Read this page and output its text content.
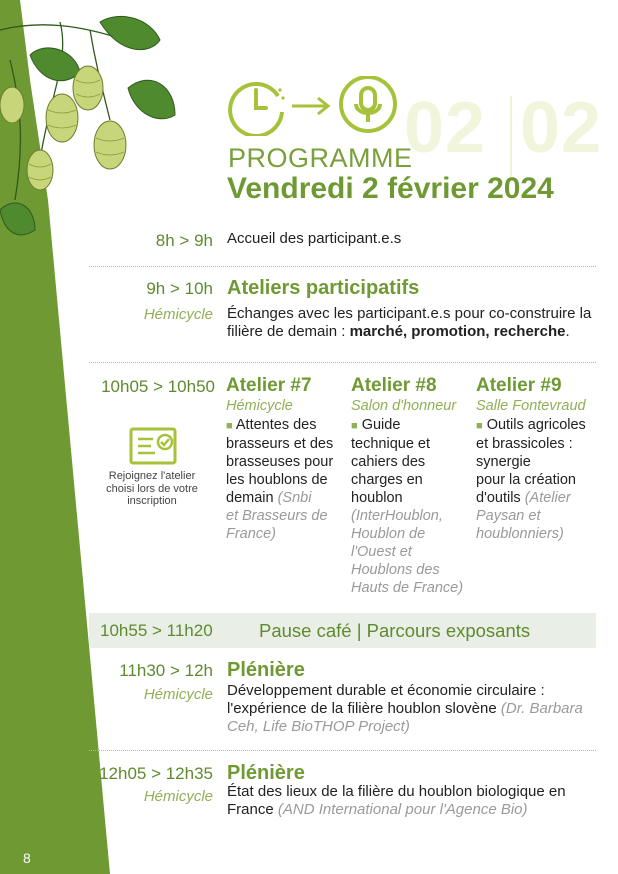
8
02 02
PROGRAMME
Vendredi 2 février 2024
8h > 9h Accueil des participant.e.s
9h > 10h Ateliers participatifs
Hémicycle Échanges avec les participant.e.s pour co-construire la filière de demain : marché, promotion, recherche.
10h05 > 10h50
Rejoignez l'atelier choisi lors de votre inscription
Atelier #7
Hémicycle
■ Attentes des
brasseurs et des
brasseuses pour
les houblons de
demain (Snbi
et Brasseurs de
France)
Atelier #8
Salon d'honneur
■ Guide
technique et
cahiers des
charges en
houblon
(InterHoublon,
Houblon de
l'Ouest et
Houblons des
Hauts de France)
Atelier #9
Salle Fontevraud
■ Outils agricoles
et brassicoles :
synergie
pour la création
d'outils (Atelier
Paysan et
houblonniers)
10h55 > 11h20	Pause café | Parcours exposants
11h30 > 12h Plénière
Hémicycle Développement durable et économie circulaire :
l'expérience de la filière houblon slovène (Dr. Barbara
Ceh, Life BioTHOP Project)
12h05 > 12h35 Plénière
Hémicycle État des lieux de la filière du houblon biologique en
France (AND International pour l'Agence Bio)
